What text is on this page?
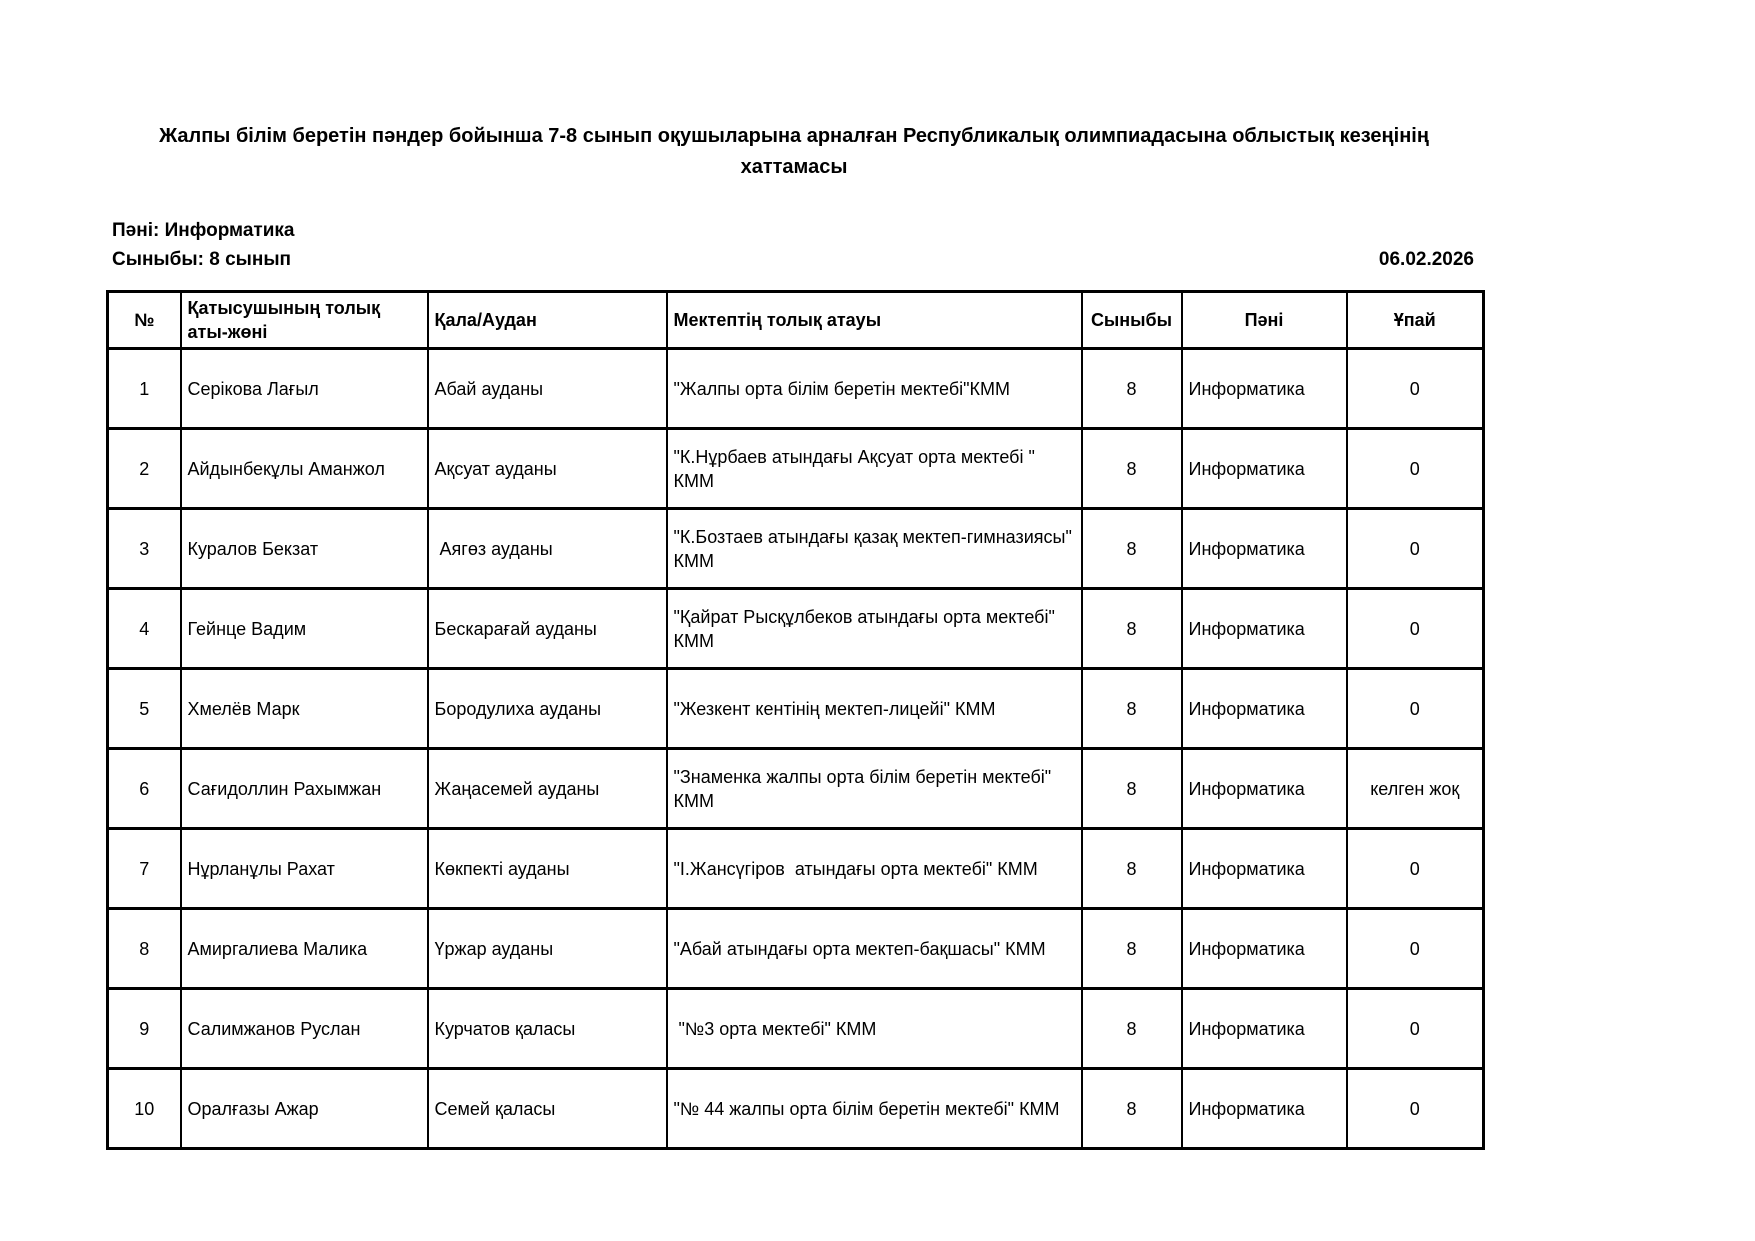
Жалпы білім беретін пәндер бойынша 7-8 сынып оқушыларына арналған Республикалық олимпиадасына облыстық кезеңінің
хаттамасы
Пәні: Информатика
Сыныбы: 8 сынып	06.02.2026
№	Қатысушының толық аты-жөні	Қала/Аудан	Мектептің толық атауы	Сыныбы	Пәні	Ұпай
1	Серікова Лағыл	Абай ауданы	"Жалпы орта білім беретін мектебі"КММ	8	Информатика	0
2	Айдынбекұлы Аманжол	Ақсуат ауданы	"К.Нұрбаев атындағы Ақсуат орта мектебі " КММ	8	Информатика	0
3	Куралов Бекзат	Аягөз ауданы	"К.Бозтаев атындағы қазақ мектеп-гимназиясы" КММ	8	Информатика	0
4	Гейнце Вадим	Бескарағай ауданы	"Қайрат Рысқұлбеков атындағы орта мектебі" КММ	8	Информатика	0
5	Хмелёв Марк	Бородулиха ауданы	"Жезкент кентінің мектеп-лицейі" КММ	8	Информатика	0
6	Сағидоллин Рахымжан	Жаңасемей ауданы	"Знаменка жалпы орта білім беретін мектебі" КММ	8	Информатика	келген жоқ
7	Нұрланұлы Рахат	Көкпекті ауданы	"І.Жансүгіров  атындағы орта мектебі" КММ	8	Информатика	0
8	Амиргалиева Малика	Үржар ауданы	"Абай атындағы орта мектеп-бақшасы" КММ	8	Информатика	0
9	Салимжанов Руслан	Курчатов қаласы	"№3 орта мектебі" КММ	8	Информатика	0
10	Оралғазы Ажар	Семей қаласы	"№ 44 жалпы орта білім беретін мектебі" КММ	8	Информатика	0
